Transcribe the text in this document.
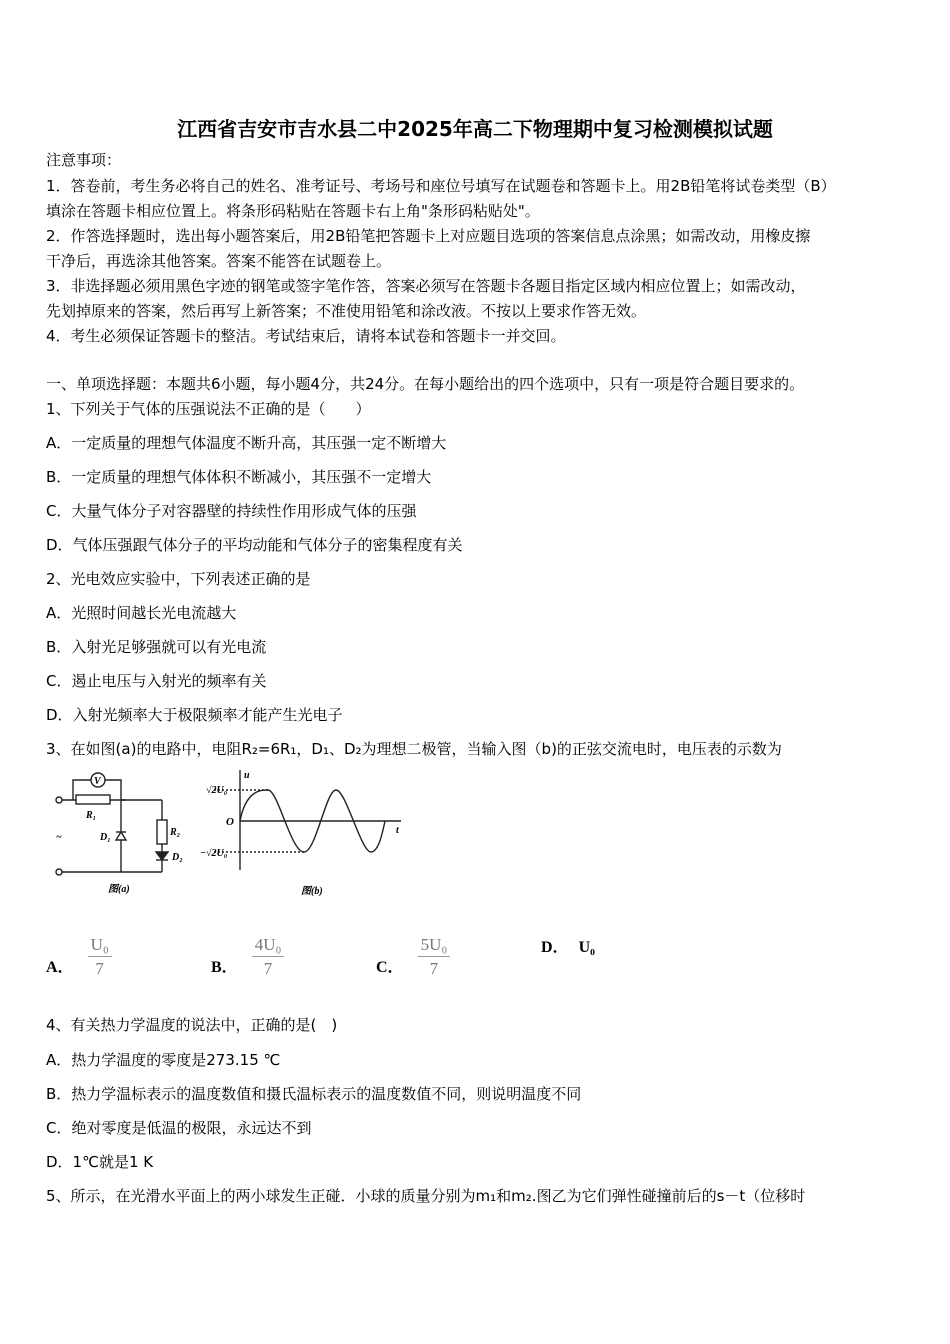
江西省吉安市吉水县二中2025年高二下物理期中复习检测模拟试题
注意事项：
1．答卷前，考生务必将自己的姓名、准考证号、考场号和座位号填写在试题卷和答题卡上。用2B铅笔将试卷类型（B）
填涂在答题卡相应位置上。将条形码粘贴在答题卡右上角"条形码粘贴处"。
2．作答选择题时，选出每小题答案后，用2B铅笔把答题卡上对应题目选项的答案信息点涂黑；如需改动，用橡皮擦
干净后，再选涂其他答案。答案不能答在试题卷上。
3．非选择题必须用黑色字迹的钢笔或签字笔作答，答案必须写在答题卡各题目指定区域内相应位置上；如需改动，
先划掉原来的答案，然后再写上新答案；不准使用铅笔和涂改液。不按以上要求作答无效。
4．考生必须保证答题卡的整洁。考试结束后，请将本试卷和答题卡一并交回。
一、单项选择题：本题共6小题，每小题4分，共24分。在每小题给出的四个选项中，只有一项是符合题目要求的。
1、下列关于气体的压强说法不正确的是（　　）
A．一定质量的理想气体温度不断升高，其压强一定不断增大
B．一定质量的理想气体体积不断减小，其压强不一定增大
C．大量气体分子对容器壁的持续性作用形成气体的压强
D．气体压强跟气体分子的平均动能和气体分子的密集程度有关
2、光电效应实验中，下列表述正确的是
A．光照时间越长光电流越大
B．入射光足够强就可以有光电流
C．遏止电压与入射光的频率有关
D．入射光频率大于极限频率才能产生光电子
3、在如图(a)的电路中，电阻R₂=6R₁，D₁、D₂为理想二极管，当输入图（b)的正弦交流电时，电压表的示数为
V
R₁
R₂
D₁
D₂
~
图(a)	图(b)
u
t
O
√2U₀
−√2U₀
A． $\frac{\text{U₀}}{7}$	B． $\frac{\text{4U₀}}{7}$	C． $\frac{\text{5U₀}}{7}$	D． U₀
4、有关热力学温度的说法中，正确的是(　)
A．热力学温度的零度是273.15 ℃
B．热力学温标表示的温度数值和摄氏温标表示的温度数值不同，则说明温度不同
C．绝对零度是低温的极限，永远达不到
D．1℃就是1 K
5、所示，在光滑水平面上的两小球发生正碰．小球的质量分别为m₁和m₂.图乙为它们弹性碰撞前后的s－t（位移时
